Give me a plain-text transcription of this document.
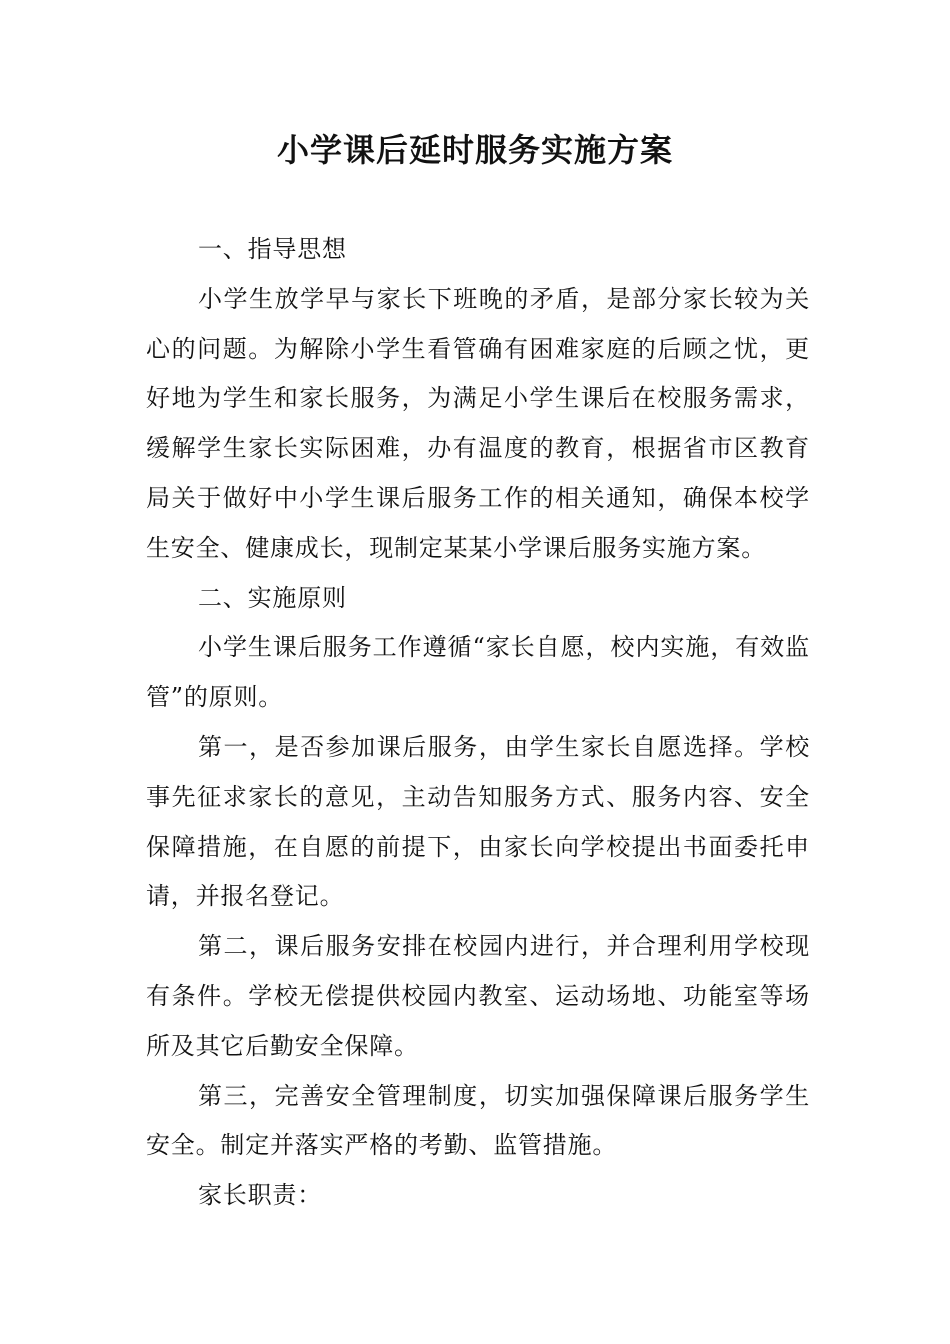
小学课后延时服务实施方案

一、指导思想

小学生放学早与家长下班晚的矛盾，是部分家长较为关心的问题。为解除小学生看管确有困难家庭的后顾之忧，更好地为学生和家长服务，为满足小学生课后在校服务需求，缓解学生家长实际困难，办有温度的教育，根据省市区教育局关于做好中小学生课后服务工作的相关通知，确保本校学生安全、健康成长，现制定某某小学课后服务实施方案。

二、实施原则

小学生课后服务工作遵循“家长自愿，校内实施，有效监管”的原则。

第一，是否参加课后服务，由学生家长自愿选择。学校事先征求家长的意见，主动告知服务方式、服务内容、安全保障措施，在自愿的前提下，由家长向学校提出书面委托申请，并报名登记。

第二，课后服务安排在校园内进行，并合理利用学校现有条件。学校无偿提供校园内教室、运动场地、功能室等场所及其它后勤安全保障。

第三，完善安全管理制度，切实加强保障课后服务学生安全。制定并落实严格的考勤、监管措施。

家长职责：
